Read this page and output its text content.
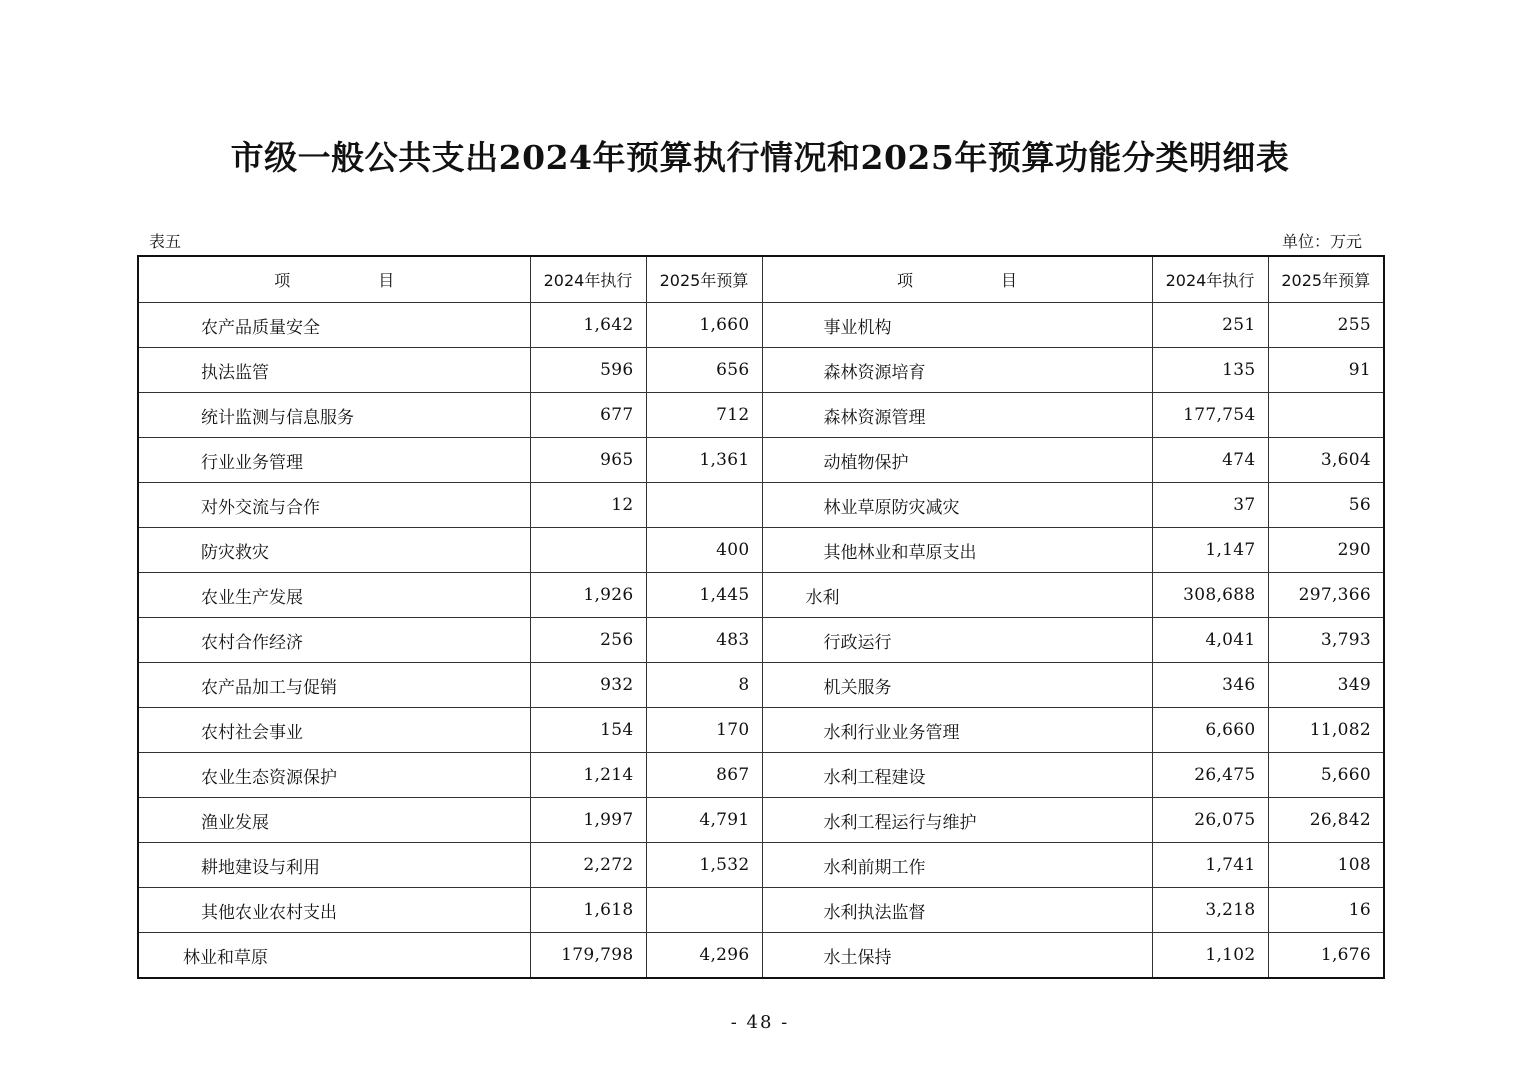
市级一般公共支出2024年预算执行情况和2025年预算功能分类明细表
表五	单位：万元
项 目	2024年执行	2025年预算	项 目	2024年执行	2025年预算
农产品质量安全	1,642	1,660	事业机构	251	255
执法监管	596	656	森林资源培育	135	91
统计监测与信息服务	677	712	森林资源管理	177,754	
行业业务管理	965	1,361	动植物保护	474	3,604
对外交流与合作	12		林业草原防灾减灾	37	56
防灾救灾		400	其他林业和草原支出	1,147	290
农业生产发展	1,926	1,445	水利	308,688	297,366
农村合作经济	256	483	行政运行	4,041	3,793
农产品加工与促销	932	8	机关服务	346	349
农村社会事业	154	170	水利行业业务管理	6,660	11,082
农业生态资源保护	1,214	867	水利工程建设	26,475	5,660
渔业发展	1,997	4,791	水利工程运行与维护	26,075	26,842
耕地建设与利用	2,272	1,532	水利前期工作	1,741	108
其他农业农村支出	1,618		水利执法监督	3,218	16
林业和草原	179,798	4,296	水土保持	1,102	1,676
- 48 -
